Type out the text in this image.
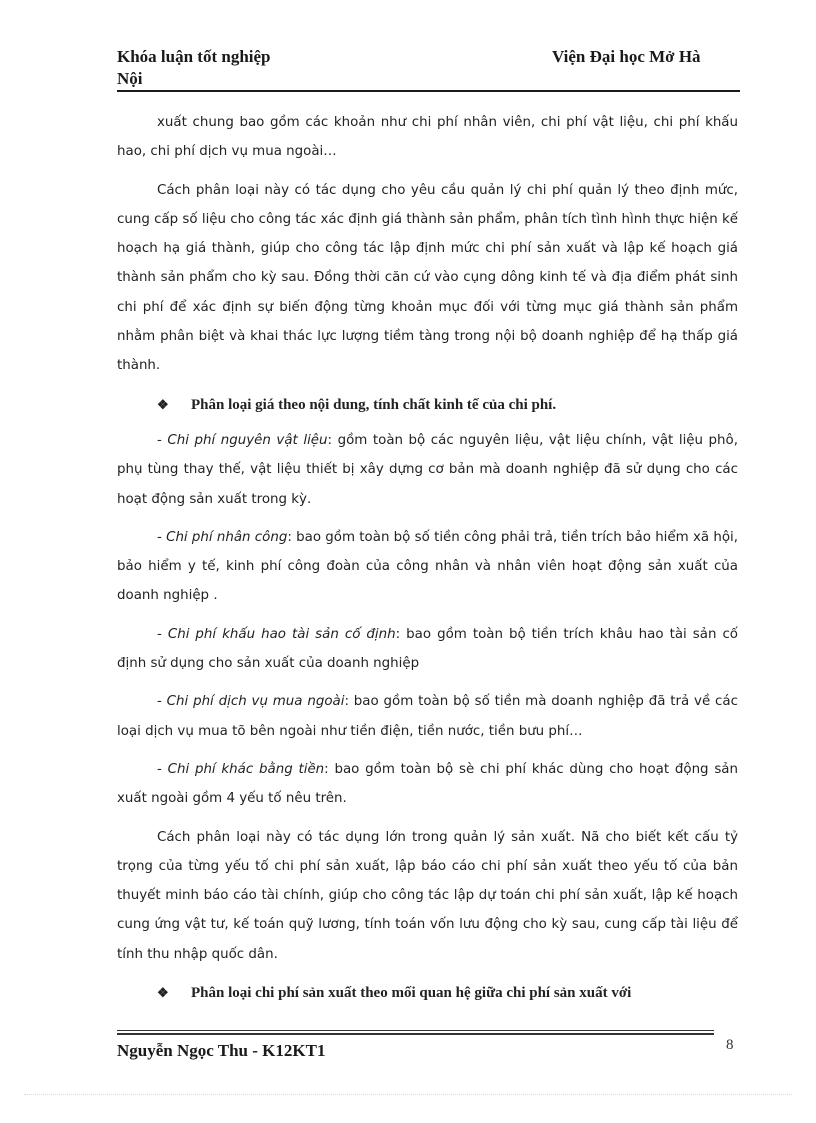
Khóa luận tốt nghiệp	Viện Đại học Mở Hà
Nội

xuất chung bao gồm các khoản như chi phí nhân viên, chi phí vật liệu, chi phí khấu hao, chi phí dịch vụ mua ngoài…

Cách phân loại này có tác dụng cho yêu cầu quản lý chi phí quản lý theo định mức, cung cấp số liệu cho công tác xác định giá thành sản phẩm, phân tích tình hình thực hiện kế hoạch hạ giá thành, giúp cho công tác lập định mức chi phí sản xuất và lập kế hoạch giá thành sản phẩm cho kỳ sau. Đồng thời căn cứ vào cụng dông kinh tế và địa điểm phát sinh chi phí để xác định sự biến động từng khoản mục đối với từng mục giá thành sản phẩm nhằm phân biệt và khai thác lực lượng tiềm tàng trong nội bộ doanh nghiệp để hạ thấp giá thành.

❖ Phân loại giá theo nội dung, tính chất kinh tế của chi phí.

- Chi phí nguyên vật liệu: gồm toàn bộ các nguyên liệu, vật liệu chính, vật liệu phô, phụ tùng thay thế, vật liệu thiết bị xây dựng cơ bản mà doanh nghiệp đã sử dụng cho các hoạt động sản xuất trong kỳ.

- Chi phí nhân công: bao gồm toàn bộ số tiền công phải trả, tiền trích bảo hiểm xã hội, bảo hiểm y tế, kinh phí công đoàn của công nhân và nhân viên hoạt động sản xuất của doanh nghiệp .

- Chi phí khấu hao tài sản cố định: bao gồm toàn bộ tiền trích khâu hao tài sản cố định sử dụng cho sản xuất của doanh nghiệp

- Chi phí dịch vụ mua ngoài: bao gồm toàn bộ số tiền mà doanh nghiệp đã trả về các loại dịch vụ mua tõ bên ngoài như tiền điện, tiền nước, tiền bưu phí…

- Chi phí khác bằng tiền: bao gồm toàn bộ sè chi phí khác dùng cho hoạt động sản xuất ngoài gồm 4 yếu tố nêu trên.

Cách phân loại này có tác dụng lớn trong quản lý sản xuất. Nã cho biết kết cấu tỷ trọng của từng yếu tố chi phí sản xuất, lập báo cáo chi phí sản xuất theo yếu tố của bản thuyết minh báo cáo tài chính, giúp cho công tác lập dự toán chi phí sản xuất, lập kế hoạch cung ứng vật tư, kế toán quỹ lương, tính toán vốn lưu động cho kỳ sau, cung cấp tài liệu để tính thu nhập quốc dân.

❖ Phân loại chi phí sản xuất theo mối quan hệ giữa chi phí sản xuất với

Nguyễn Ngọc Thu - K12KT1	8
